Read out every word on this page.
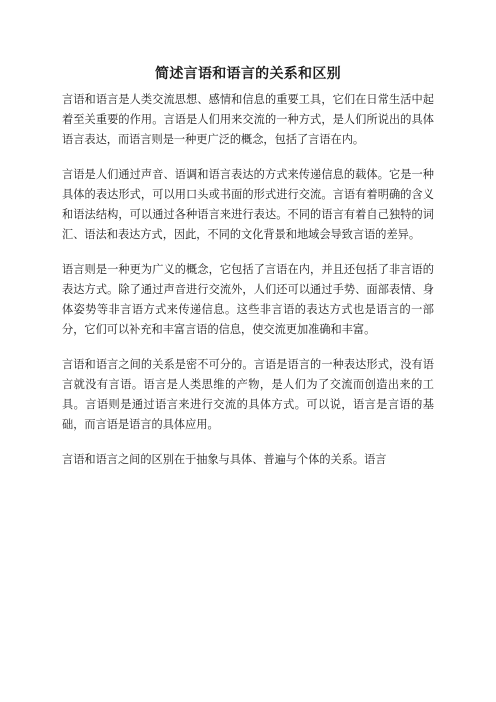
简述言语和语言的关系和区别

言语和语言是人类交流思想、感情和信息的重要工具，它们在日常生活中起着至关重要的作用。言语是人们用来交流的一种方式，是人们所说出的具体语言表达，而语言则是一种更广泛的概念，包括了言语在内。

言语是人们通过声音、语调和语言表达的方式来传递信息的载体。它是一种具体的表达形式，可以用口头或书面的形式进行交流。言语有着明确的含义和语法结构，可以通过各种语言来进行表达。不同的语言有着自己独特的词汇、语法和表达方式，因此，不同的文化背景和地域会导致言语的差异。

语言则是一种更为广义的概念，它包括了言语在内，并且还包括了非言语的表达方式。除了通过声音进行交流外，人们还可以通过手势、面部表情、身体姿势等非言语方式来传递信息。这些非言语的表达方式也是语言的一部分，它们可以补充和丰富言语的信息，使交流更加准确和丰富。

言语和语言之间的关系是密不可分的。言语是语言的一种表达形式，没有语言就没有言语。语言是人类思维的产物，是人们为了交流而创造出来的工具。言语则是通过语言来进行交流的具体方式。可以说，语言是言语的基础，而言语是语言的具体应用。

言语和语言之间的区别在于抽象与具体、普遍与个体的关系。语言
